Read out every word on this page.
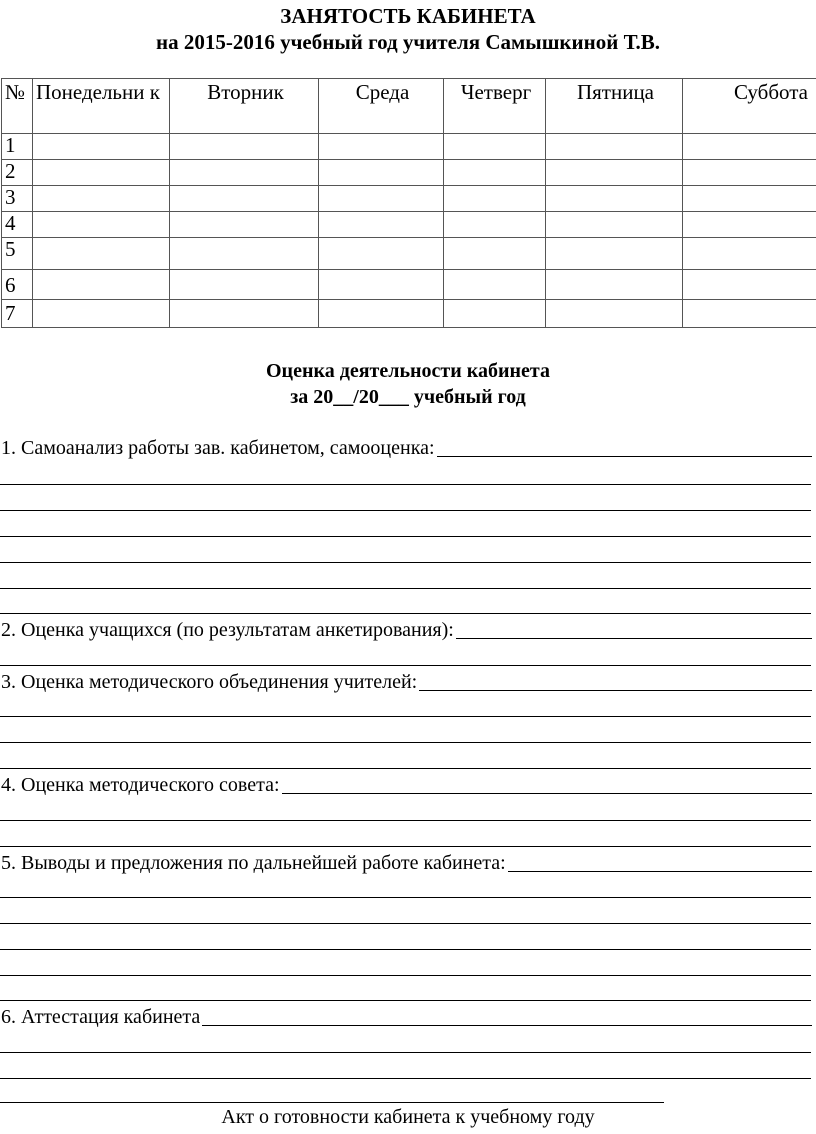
ЗАНЯТОСТЬ КАБИНЕТА
на 2015-2016 учебный год учителя Самышкиной Т.В.
№	Понедельни к	Вторник	Среда	Четверг	Пятница	Суббота
1						
2						
3						
4						
5						
6						
7						
Оценка деятельности кабинета
за 20__/20___ учебный год
1. Самоанализ работы зав. кабинетом, самооценка:
2. Оценка учащихся (по результатам анкетирования):
3. Оценка методического объединения учителей:
4. Оценка методического совета:
5. Выводы и предложения по дальнейшей работе кабинета:
6. Аттестация кабинета
Акт о готовности кабинета к учебному году
